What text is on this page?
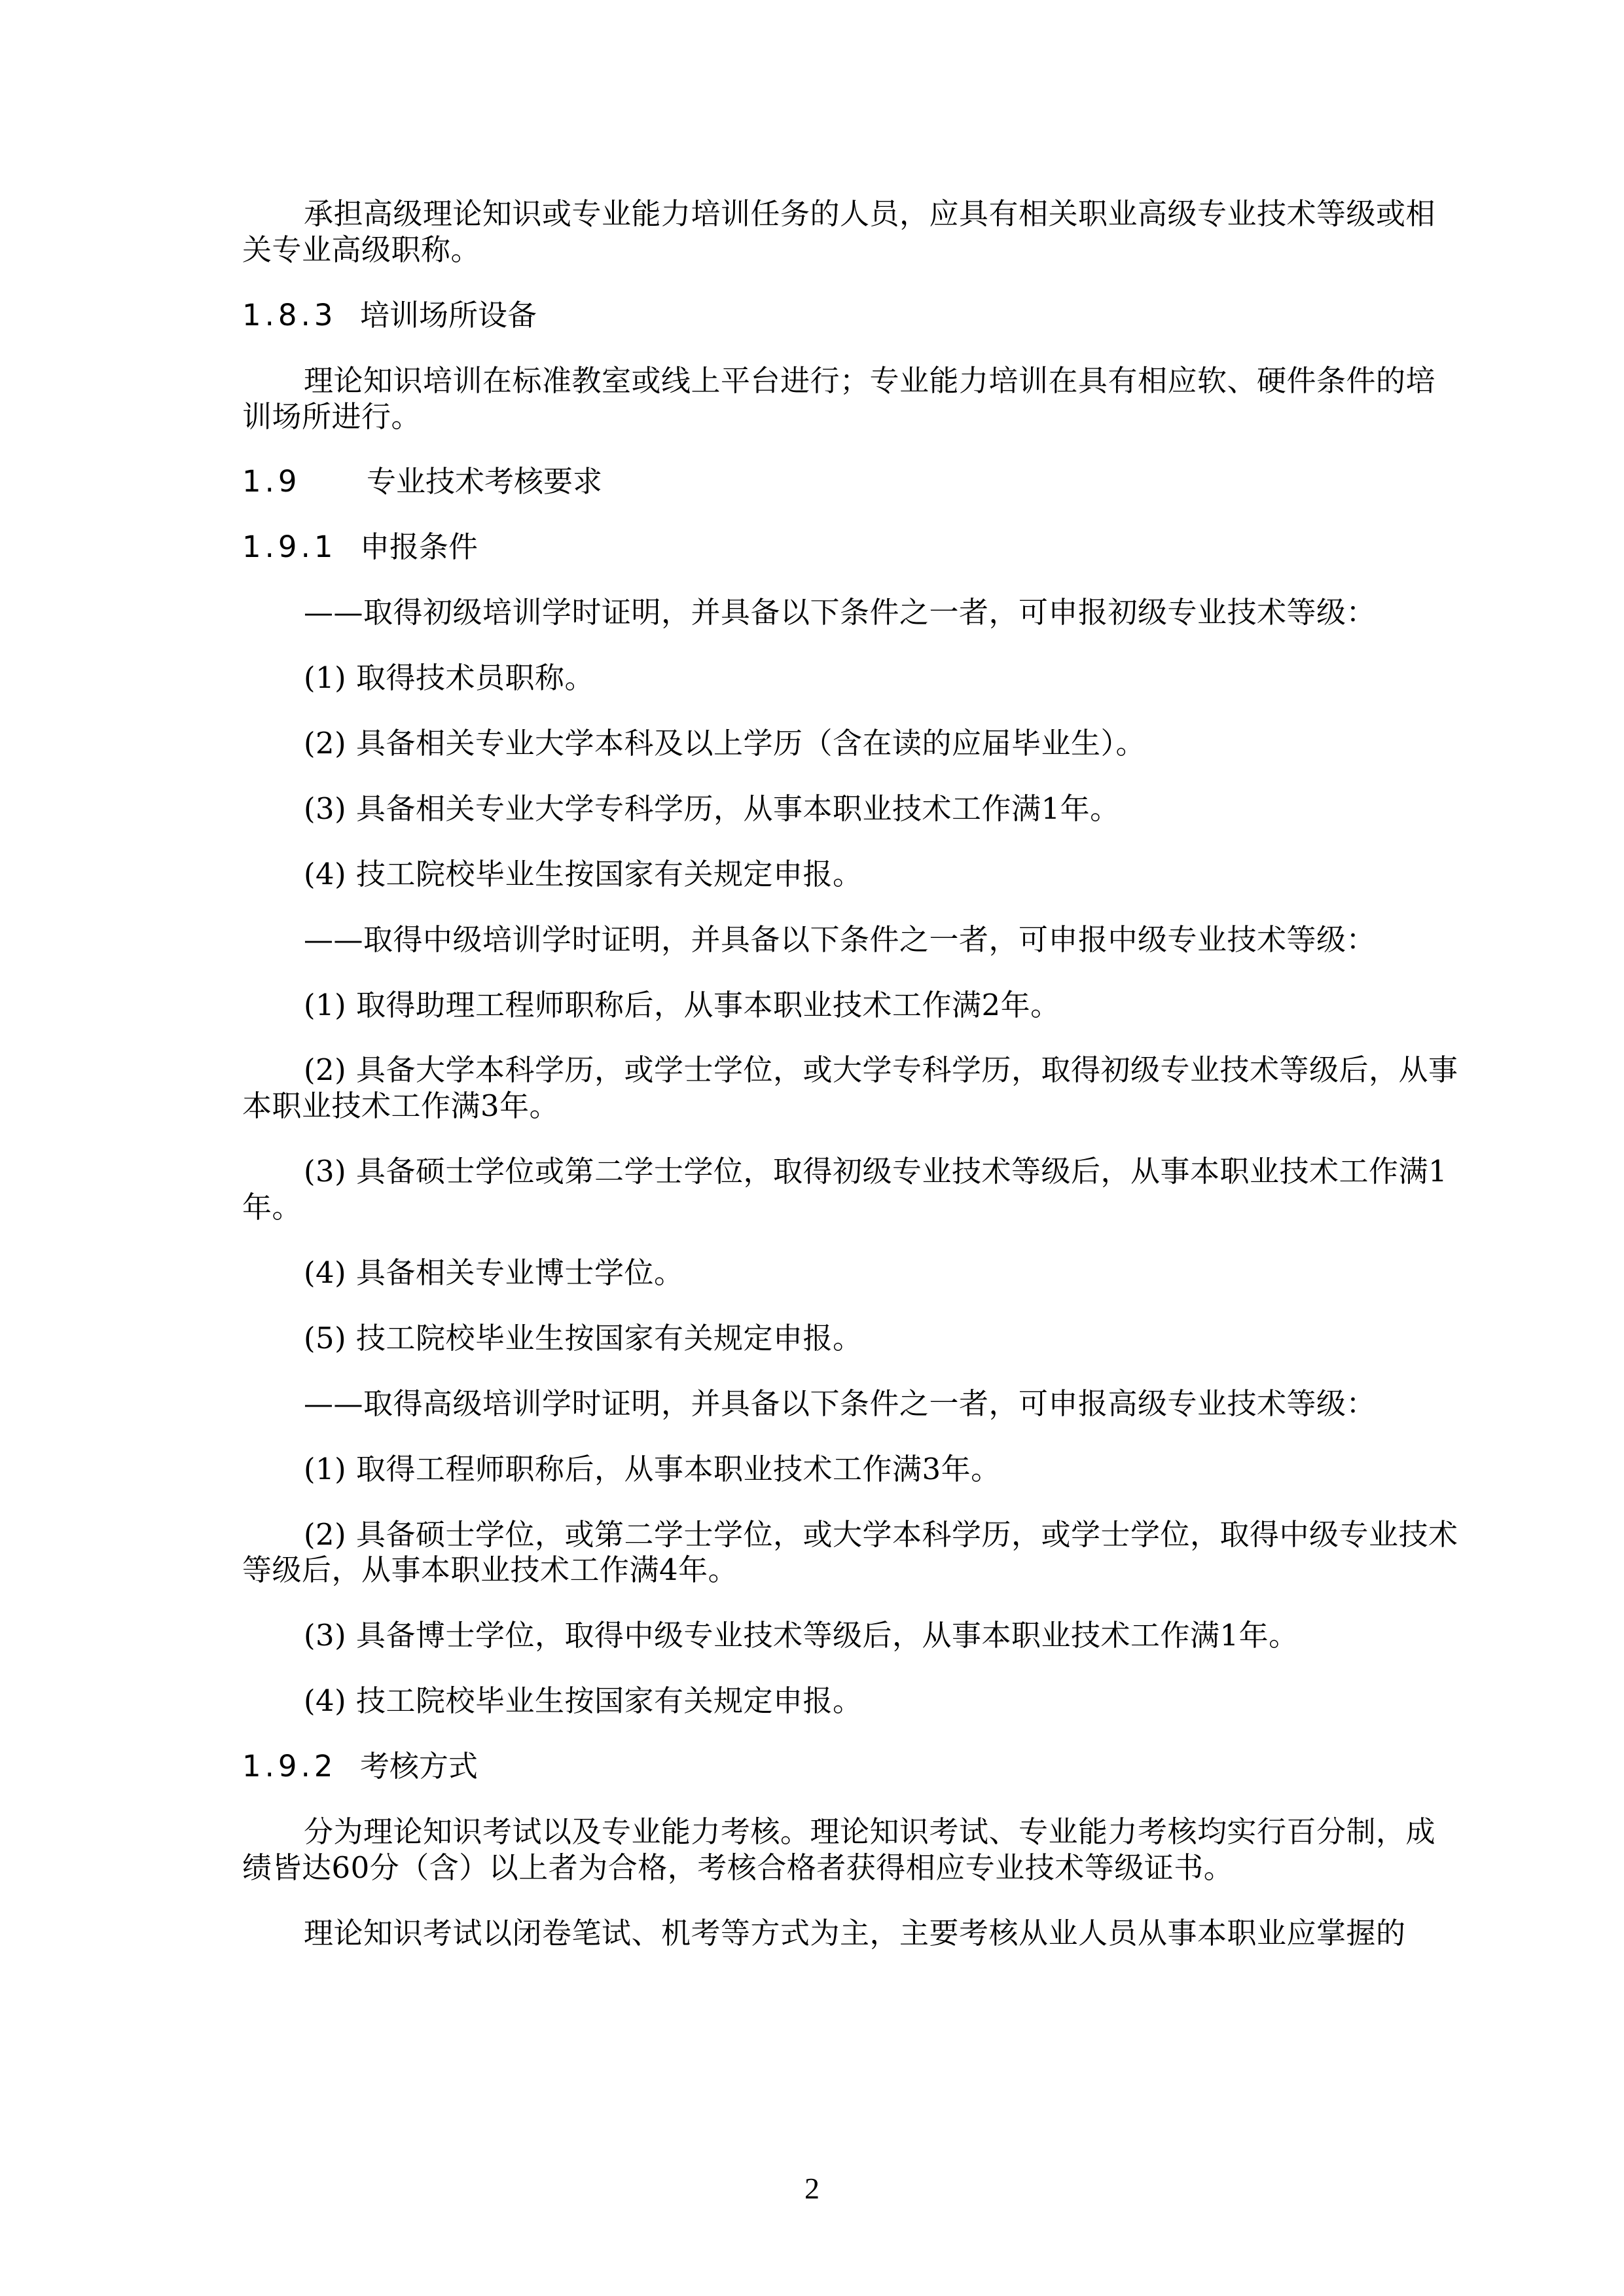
承担高级理论知识或专业能力培训任务的人员，应具有相关职业高级专业技术等级或相关专业高级职称。

1.8.3 培训场所设备

理论知识培训在标准教室或线上平台进行；专业能力培训在具有相应软、硬件条件的培训场所进行。

1.9	专业技术考核要求
1.9.1 申报条件

——取得初级培训学时证明，并具备以下条件之一者，可申报初级专业技术等级：

(1) 取得技术员职称。

(2) 具备相关专业大学本科及以上学历（含在读的应届毕业生）。

(3) 具备相关专业大学专科学历，从事本职业技术工作满1年。

(4) 技工院校毕业生按国家有关规定申报。

——取得中级培训学时证明，并具备以下条件之一者，可申报中级专业技术等级：

(1) 取得助理工程师职称后，从事本职业技术工作满2年。

(2) 具备大学本科学历，或学士学位，或大学专科学历，取得初级专业技术等级后，从事本职业技术工作满3年。

(3) 具备硕士学位或第二学士学位，取得初级专业技术等级后，从事本职业技术工作满1年。

(4) 具备相关专业博士学位。

(5) 技工院校毕业生按国家有关规定申报。

——取得高级培训学时证明，并具备以下条件之一者，可申报高级专业技术等级：

(1) 取得工程师职称后，从事本职业技术工作满3年。

(2) 具备硕士学位，或第二学士学位，或大学本科学历，或学士学位，取得中级专业技术等级后，从事本职业技术工作满4年。

(3) 具备博士学位，取得中级专业技术等级后，从事本职业技术工作满1年。

(4) 技工院校毕业生按国家有关规定申报。

1.9.2 考核方式

分为理论知识考试以及专业能力考核。理论知识考试、专业能力考核均实行百分制，成绩皆达60分（含）以上者为合格，考核合格者获得相应专业技术等级证书。

理论知识考试以闭卷笔试、机考等方式为主，主要考核从业人员从事本职业应掌握的

2
